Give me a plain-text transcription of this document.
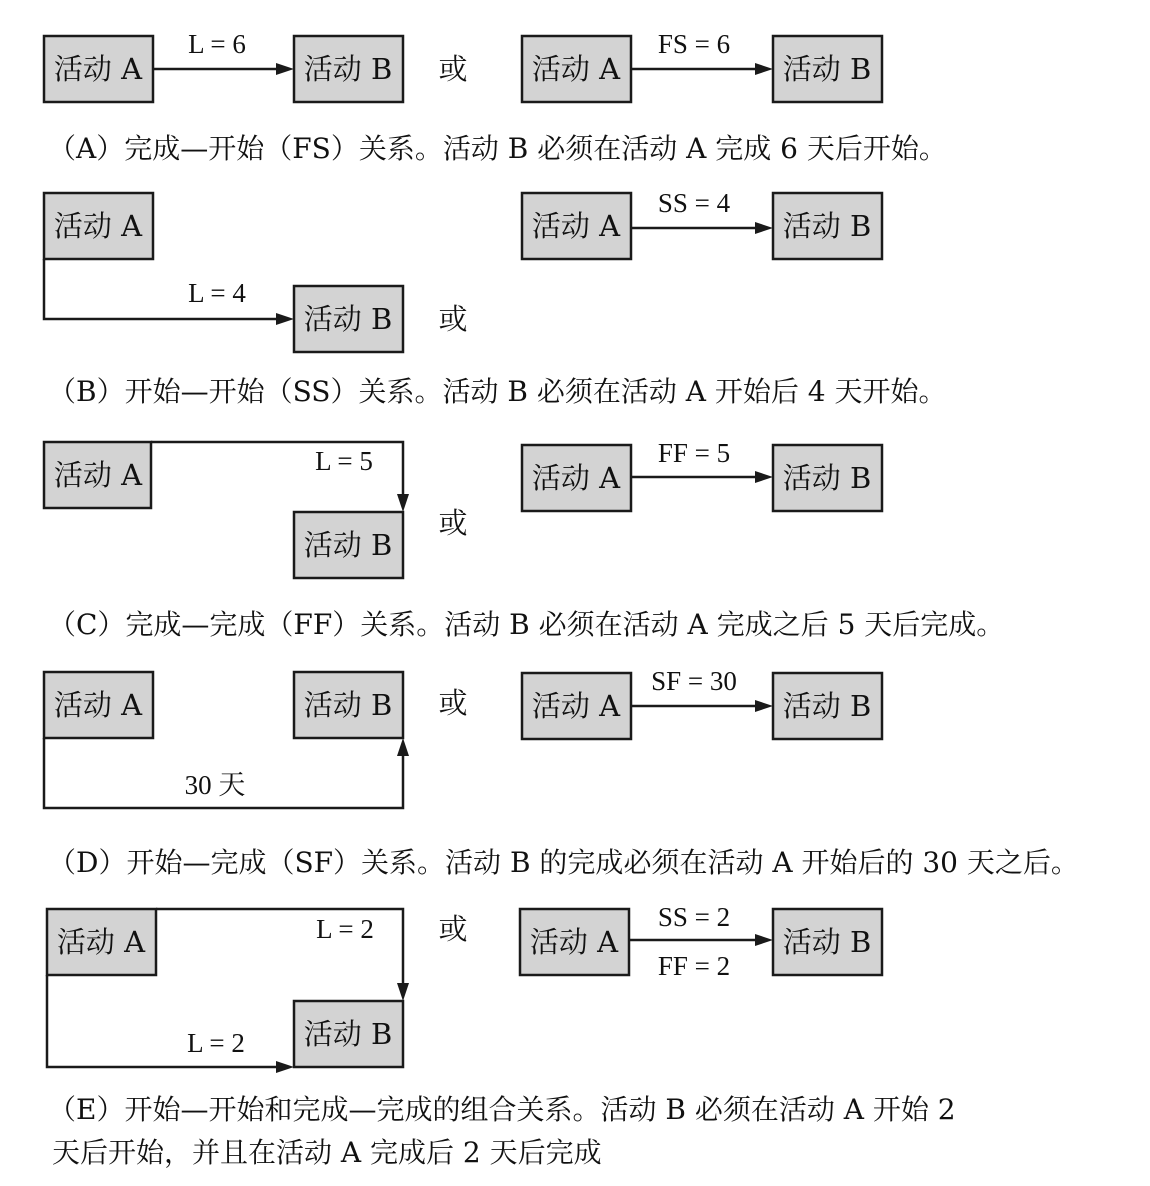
活动 A	活动 B
L = 6
或 活动 A	活动 B
FS = 6
（A）完成—开始（FS）关系。活动 B 必须在活动 A 完成 6 天后开始。
活动 A
活动 B
L = 4
或
活动 A	活动 B
SS = 4
（B）开始—开始（SS）关系。活动 B 必须在活动 A 开始后 4 天开始。
活动 A
活动 B
L = 5
或
活动 A	活动 B
FF = 5
（C）完成—完成（FF）关系。活动 B 必须在活动 A 完成之后 5 天后完成。
活动 A	活动 B
30 天
或 活动 A	活动 B
SF = 30
（D）开始—完成（SF）关系。活动 B 的完成必须在活动 A 开始后的 30 天之后。
活动 A
活动 B
L = 2
L = 2
或 活动 A	活动 B
SS = 2
FF = 2
（E）开始—开始和完成—完成的组合关系。活动 B 必须在活动 A 开始 2
天后开始，并且在活动 A 完成后 2 天后完成
